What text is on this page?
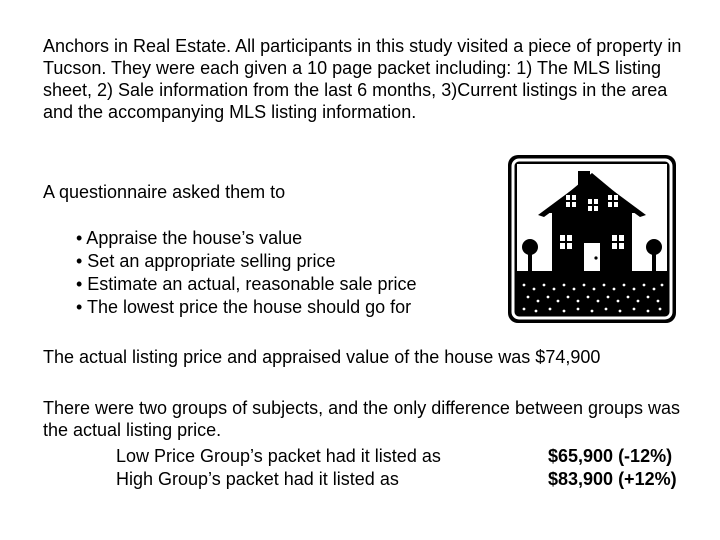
Anchors in Real Estate. All participants in this study visited a piece of property in Tucson. They were each given a 10 page packet including: 1) The MLS listing sheet, 2) Sale information from the last 6 months, 3)Current listings in the area and the accompanying MLS listing information.

A questionnaire asked them to

• Appraise the house’s value
• Set an appropriate selling price
• Estimate an actual, reasonable sale price
• The lowest price the house should go for

The actual listing price and appraised value of the house was $74,900

There were two groups of subjects, and the only difference between groups was the actual listing price.

Low Price Group’s packet had it listed as	$65,900 (-12%)
High Group’s packet had it listed as	$83,900 (+12%)
